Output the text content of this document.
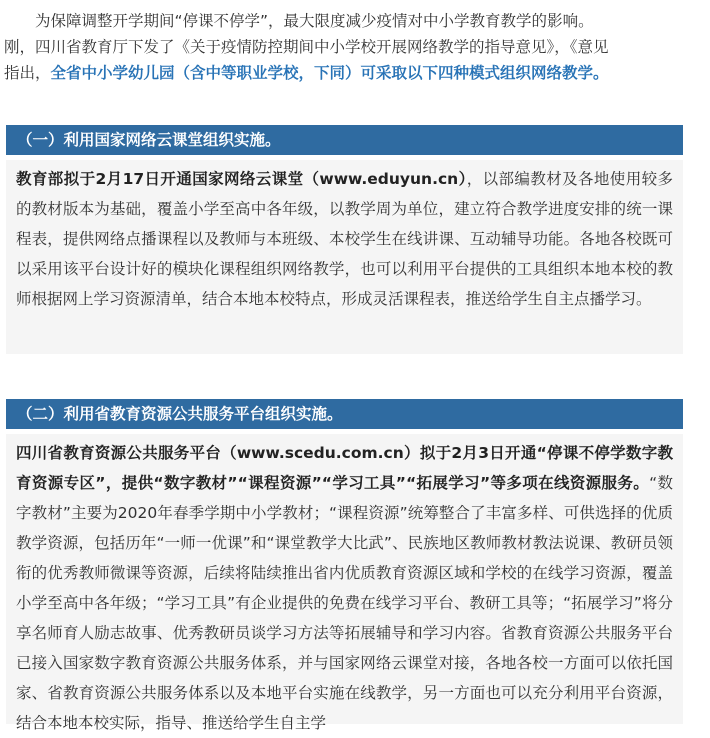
为保障调整开学期间“停课不停学”，最大限度减少疫情对中小学教育教学的影响。

刚，四川省教育厅下发了《关于疫情防控期间中小学校开展网络教学的指导意见》，《意见

指出，全省中小学幼儿园（含中等职业学校，下同）可采取以下四种模式组织网络教学。

（一）利用国家网络云课堂组织实施。

教育部拟于2月17日开通国家网络云课堂（www.eduyun.cn），以部编教材及各地使用较多的教材版本为基础，覆盖小学至高中各年级，以教学周为单位，建立符合教学进度安排的统一课程表，提供网络点播课程以及教师与本班级、本校学生在线讲课、互动辅导功能。各地各校既可以采用该平台设计好的模块化课程组织网络教学，也可以利用平台提供的工具组织本地本校的教师根据网上学习资源清单，结合本地本校特点，形成灵活课程表，推送给学生自主点播学习。

（二）利用省教育资源公共服务平台组织实施。

四川省教育资源公共服务平台（www.scedu.com.cn）拟于2月3日开通“停课不停学数字教育资源专区”，提供“数字教材”“课程资源”“学习工具”“拓展学习”等多项在线资源服务。“数字教材”主要为2020年春季学期中小学教材；“课程资源”统筹整合了丰富多样、可供选择的优质教学资源，包括历年“一师一优课”和“课堂教学大比武”、民族地区教师教材教法说课、教研员领衔的优秀教师微课等资源，后续将陆续推出省内优质教育资源区域和学校的在线学习资源，覆盖小学至高中各年级；“学习工具”有企业提供的免费在线学习平台、教研工具等；“拓展学习”将分享名师育人励志故事、优秀教研员谈学习方法等拓展辅导和学习内容。省教育资源公共服务平台已接入国家数字教育资源公共服务体系，并与国家网络云课堂对接，各地各校一方面可以依托国家、省教育资源公共服务体系以及本地平台实施在线教学，另一方面也可以充分利用平台资源，结合本地本校实际，指导、推送给学生自主学
